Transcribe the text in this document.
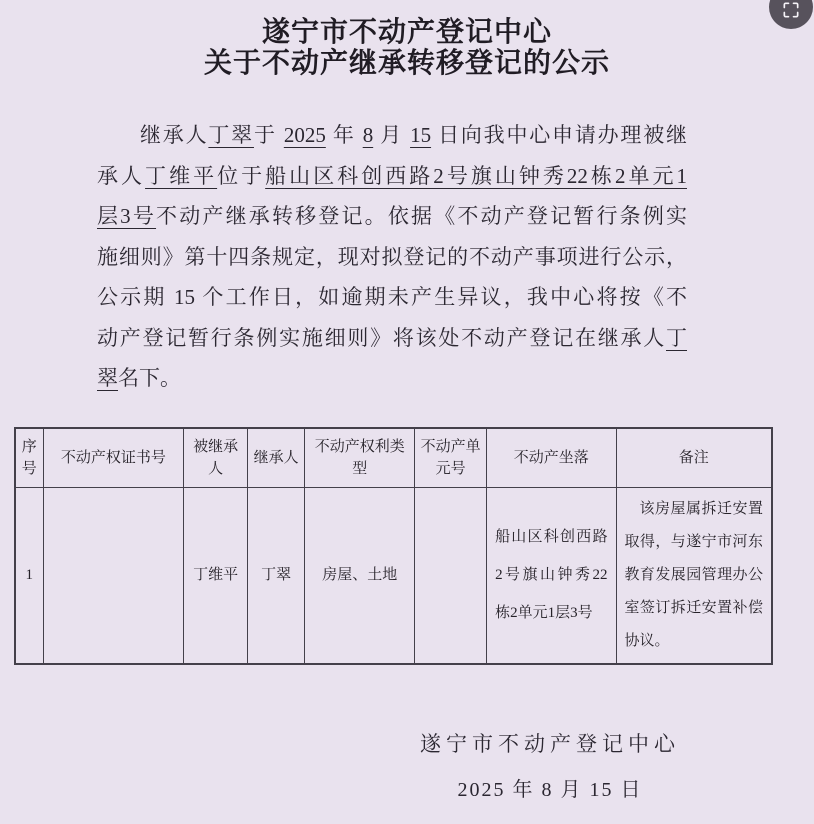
遂宁市不动产登记中心
关于不动产继承转移登记的公示
继承人丁翠于 2025 年 8 月 15 日向我中心申请办理被继
承人丁维平位于船山区科创西路2号旗山钟秀22栋2单元1
层3号不动产继承转移登记。依据《不动产登记暂行条例实
施细则》第十四条规定，现对拟登记的不动产事项进行公示，
公示期 15 个工作日，如逾期未产生异议，我中心将按《不
动产登记暂行条例实施细则》将该处不动产登记在继承人丁
翠名下。
序号	不动产权证书号	被继承人	继承人	不动产权利类型	不动产单元号	不动产坐落	备注
1		丁维平	丁翠	房屋、土地		船山区科创西路2号旗山钟秀22栋2单元1层3号	该房屋属拆迁安置取得，与遂宁市河东教育发展园管理办公室签订拆迁安置补偿协议。
遂宁市不动产登记中心
2025 年 8 月 15 日
